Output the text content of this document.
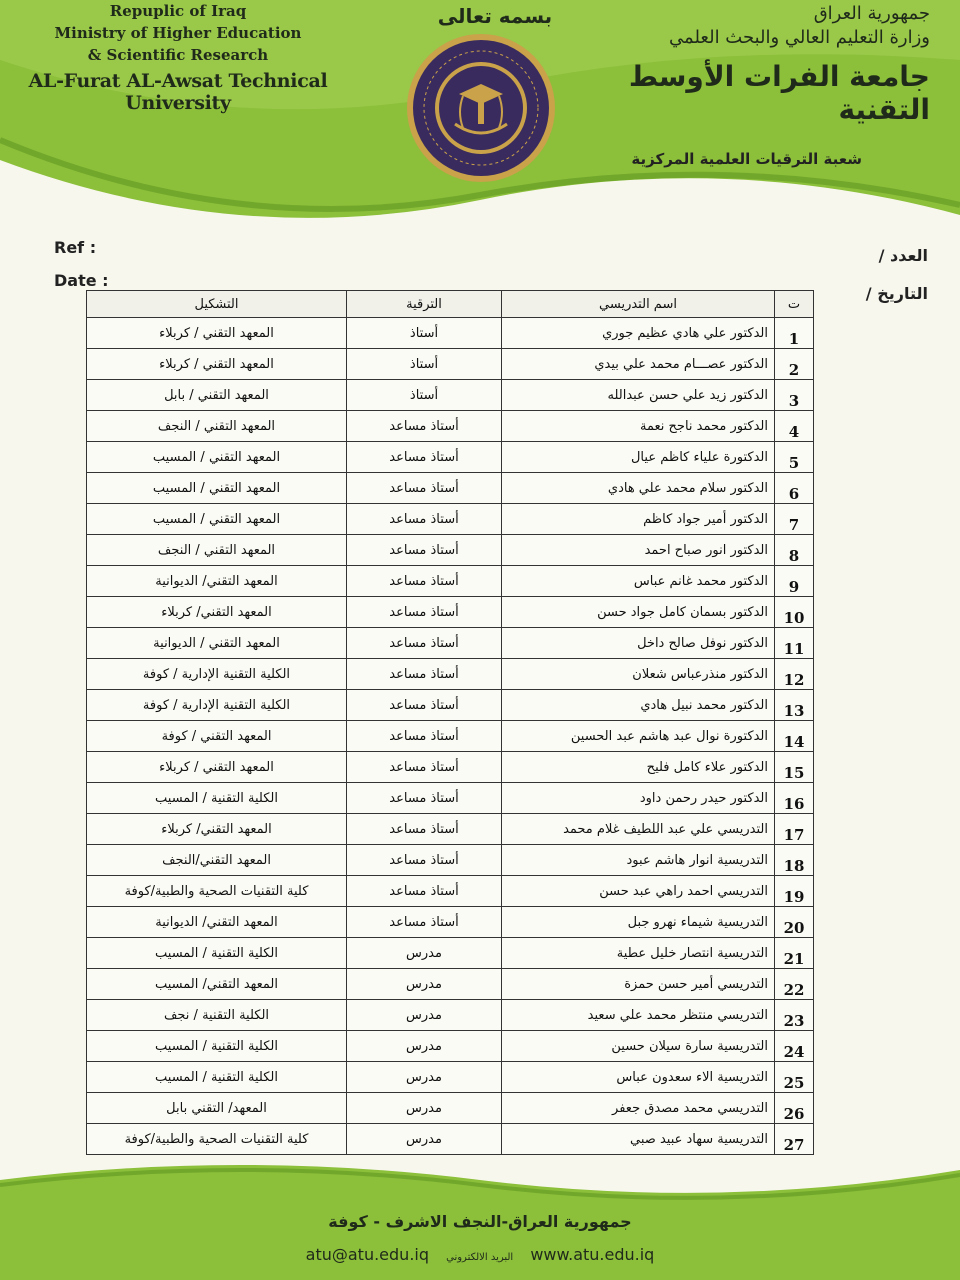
Repuplic of Iraq
Ministry of Higher Education
& Scientific Research
AL-Furat AL-Awsat Technical University
بسمه تعالى	جمهورية العراق
وزارة التعليم العالي والبحث العلمي
جامعة الفرات الأوسط التقنية
شعبة الترقيات العلمية المركزية
Ref :
Date :
العدد /
التاريخ /
ت	اسم التدريسي	الترقية	التشكيل
1	الدكتور علي هادي عظيم جوري	أستاذ	المعهد التقني / كربلاء
2	الدكتور عصـــام محمد علي بيدي	أستاذ	المعهد التقني / كربلاء
3	الدكتور زيد علي حسن عبدالله	أستاذ	المعهد التقني / بابل
4	الدكتور محمد ناجح نعمة	أستاذ مساعد	المعهد التقني / النجف
5	الدكتورة علياء كاظم عيال	أستاذ مساعد	المعهد التقني / المسيب
6	الدكتور سلام محمد علي هادي	أستاذ مساعد	المعهد التقني / المسيب
7	الدكتور أمير جواد كاظم	أستاذ مساعد	المعهد التقني / المسيب
8	الدكتور انور صباح احمد	أستاذ مساعد	المعهد التقني / النجف
9	الدكتور محمد غانم عباس	أستاذ مساعد	المعهد التقني/ الديوانية
10	الدكتور بسمان كامل جواد حسن	أستاذ مساعد	المعهد التقني/ كربلاء
11	الدكتور نوفل صالح داخل	أستاذ مساعد	المعهد التقني / الديوانية
12	الدكتور منذرعباس شعلان	أستاذ مساعد	الكلية التقنية الإدارية / كوفة
13	الدكتور محمد نبيل هادي	أستاذ مساعد	الكلية التقنية الإدارية / كوفة
14	الدكتورة نوال عبد هاشم عبد الحسين	أستاذ مساعد	المعهد التقني / كوفة
15	الدكتور علاء كامل فليح	أستاذ مساعد	المعهد التقني / كربلاء
16	الدكتور حيدر رحمن داود	أستاذ مساعد	الكلية التقنية / المسيب
17	التدريسي علي عبد اللطيف غلام محمد	أستاذ مساعد	المعهد التقني/ كربلاء
18	التدريسية انوار هاشم عبود	أستاذ مساعد	المعهد التقني/النجف
19	التدريسي احمد راهي عبد حسن	أستاذ مساعد	كلية التقنيات الصحية والطبية/كوفة
20	التدريسية شيماء نهرو جبل	أستاذ مساعد	المعهد التقني/ الديوانية
21	التدريسية انتصار خليل عطية	مدرس	الكلية التقنية / المسيب
22	التدريسي أمير حسن حمزة	مدرس	المعهد التقني/ المسيب
23	التدريسي منتظر محمد علي سعيد	مدرس	الكلية التقنية / نجف
24	التدريسية سارة سيلان حسين	مدرس	الكلية التقنية / المسيب
25	التدريسية الاء سعدون عباس	مدرس	الكلية التقنية / المسيب
26	التدريسي محمد مصدق جعفر	مدرس	المعهد/ التقني بابل
27	التدريسية سهاد عبيد صبي	مدرس	كلية التقنيات الصحية والطبية/كوفة
جمهورية العراق-النجف الاشرف - كوفة
atu@atu.edu.iq البريد الالكتروني www.atu.edu.iq
